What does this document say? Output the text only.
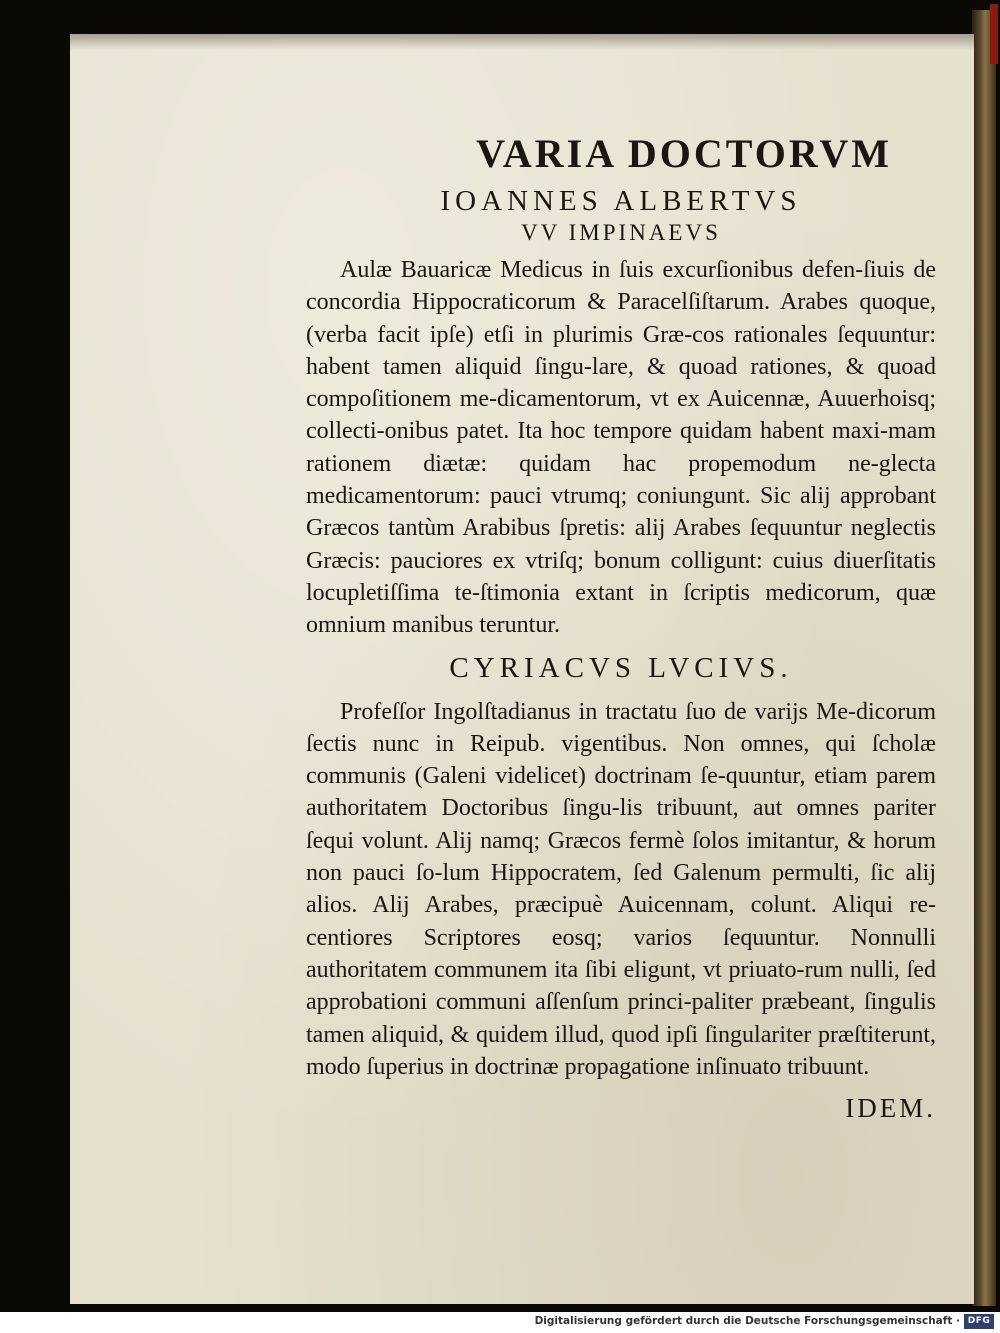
VARIA DOCTORVM
IOANNES ALBERTVS
VV IMPINAEVS

Aulæ Bauaricæ Medicus in ſuis excurſionibus defen-ſiuis de concordia Hippocraticorum & Paracelſiſtarum. Arabes quoque, (verba facit ipſe) etſi in plurimis Græ-cos rationales ſequuntur: habent tamen aliquid ſingu-lare, & quoad rationes, & quoad compoſitionem me-dicamentorum, vt ex Auicennæ, Auuerhoisq; collecti-onibus patet. Ita hoc tempore quidam habent maxi-mam rationem diætæ: quidam hac propemodum ne-glecta medicamentorum: pauci vtrumq; coniungunt. Sic alij approbant Græcos tantùm Arabibus ſpretis: alij Arabes ſequuntur neglectis Græcis: pauciores ex vtriſq; bonum colligunt: cuius diuerſitatis locupletiſſima te-ſtimonia extant in ſcriptis medicorum, quæ omnium manibus teruntur.

CYRIACVS LVCIVS.

Profeſſor Ingolſtadianus in tractatu ſuo de varijs Me-dicorum ſectis nunc in Reipub. vigentibus. Non omnes, qui ſcholæ communis (Galeni videlicet) doctrinam ſe-quuntur, etiam parem authoritatem Doctoribus ſingu-lis tribuunt, aut omnes pariter ſequi volunt. Alij namq; Græcos fermè ſolos imitantur, & horum non pauci ſo-lum Hippocratem, ſed Galenum permulti, ſic alij alios. Alij Arabes, præcipuè Auicennam, colunt. Aliqui re-centiores Scriptores eosq; varios ſequuntur. Nonnulli authoritatem communem ita ſibi eligunt, vt priuato-rum nulli, ſed approbationi communi aſſenſum princi-paliter præbeant, ſingulis tamen aliquid, & quidem illud, quod ipſi ſingulariter præſtiterunt, modo ſuperius in doctrinæ propagatione inſinuato tribuunt.

IDEM.
Digitalisierung gefördert durch die Deutsche Forschungsgemeinschaft · DFG
